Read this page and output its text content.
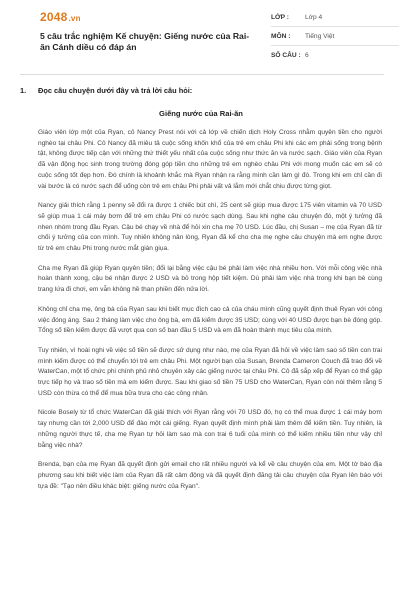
2048.vn
5 câu trắc nghiệm Kế chuyện: Giếng nước của Rai-ăn Cánh diều có đáp án
LỚP :	Lớp 4
MÔN :	Tiếng Việt
SỐ CÂU : 6
1.	Đọc câu chuyện dưới đây và trả lời câu hỏi:
Giếng nước của Rai-ăn

Giáo viên lớp một của Ryan, cô Nancy Prest nói với cả lớp về chiến dịch Holy Cross nhằm quyên tiền cho người nghèo tại châu Phi. Cô Nancy đã miêu tả cuộc sống khốn khổ của trẻ em châu Phi khi các em phải sống trong bệnh tật, không được tiếp cận với những thứ thiết yếu nhất của cuộc sống như thức ăn và nước sạch. Giáo viên của Ryan đã vận động học sinh trong trường đóng góp tiền cho những trẻ em nghèo châu Phi với mong muốn các em sẽ có cuộc sống tốt đẹp hơn. Đó chính là khoảnh khắc mà Ryan nhận ra rằng mình cần làm gì đó. Trong khi em chỉ cần đi vài bước là có nước sạch để uống còn trẻ em châu Phi phải vất vả lắm mới chắt chiu được từng giọt.

Nancy giải thích rằng 1 penny sẽ đổi ra được 1 chiếc bút chì, 25 cent sẽ giúp mua được 175 viên vitamin và 70 USD sẽ giúp mua 1 cái máy bơm để trẻ em châu Phi có nước sạch dùng. Sau khi nghe câu chuyện đó, một ý tưởng đã nhen nhóm trong đầu Ryan. Cậu bé chạy về nhà để hỏi xin cha mẹ 70 USD. Lúc đầu, chị Susan – mẹ của Ryan đã từ chối ý tưởng của con mình. Tuy nhiên không nản lòng, Ryan đã kể cho cha mẹ nghe câu chuyện mà em nghe được từ trẻ em châu Phi trong nước mắt giàn giụa.

Cha mẹ Ryan đã giúp Ryan quyên tiền; đổi lại bằng việc cậu bé phải làm việc nhà nhiều hơn. Với mỗi công việc nhà hoàn thành xong, cậu bé nhận được 2 USD và bỏ trong hộp tiết kiệm. Dù phải làm việc nhà trong khi bạn bè cùng trang lứa đi chơi, em vẫn không hề than phiền đến nửa lời.

Không chỉ cha mẹ, ông bà của Ryan sau khi biết mục đích cao cả của cháu mình cũng quyết định thuê Ryan với công việc đóng áng. Sau 2 tháng làm việc cho ông bà, em đã kiếm được 35 USD; cùng với 40 USD được bạn bè đóng góp. Tổng số tiền kiếm được đã vượt qua con số ban đầu 5 USD và em đã hoàn thành mục tiêu của mình.

Tuy nhiên, vì hoài nghi về việc số tiền sẽ được sử dụng như nào, mẹ của Ryan đã hỏi về việc làm sao số tiền con trai mình kiếm được có thể chuyển tới trẻ em châu Phi. Một người bạn của Susan, Brenda Cameron Couch đã trao đổi về WaterCan, một tổ chức phi chính phủ nhỏ chuyên xây các giếng nước tại châu Phi. Cô đã sắp xếp để Ryan có thể gặp trực tiếp họ và trao số tiền mà em kiếm được. Sau khi giao số tiền 75 USD cho WaterCan, Ryan còn nói thêm rằng 5 USD còn thừa có thể để mua bữa trưa cho các công nhân.

Nicole Bosely từ tổ chức WaterCan đã giải thích với Ryan rằng với 70 USD đó, họ có thể mua được 1 cái máy bơm tay nhưng cần tới 2,000 USD để đào một cái giếng. Ryan quyết định mình phải làm thêm để kiếm tiền. Tuy nhiên, là những người thực tế, cha mẹ Ryan tự hỏi làm sao mà con trai 6 tuổi của mình có thể kiếm nhiều tiền như vậy chỉ bằng việc nhà?

Brenda, bạn của mẹ Ryan đã quyết định gửi email cho rất nhiều người và kể về câu chuyện của em. Một tờ báo địa phương sau khi biết việc làm của Ryan đã rất cảm động và đã quyết định đăng tải câu chuyện của Ryan lên báo với tựa đề: "Tạo nên điều khác biệt: giếng nước của Ryan".
